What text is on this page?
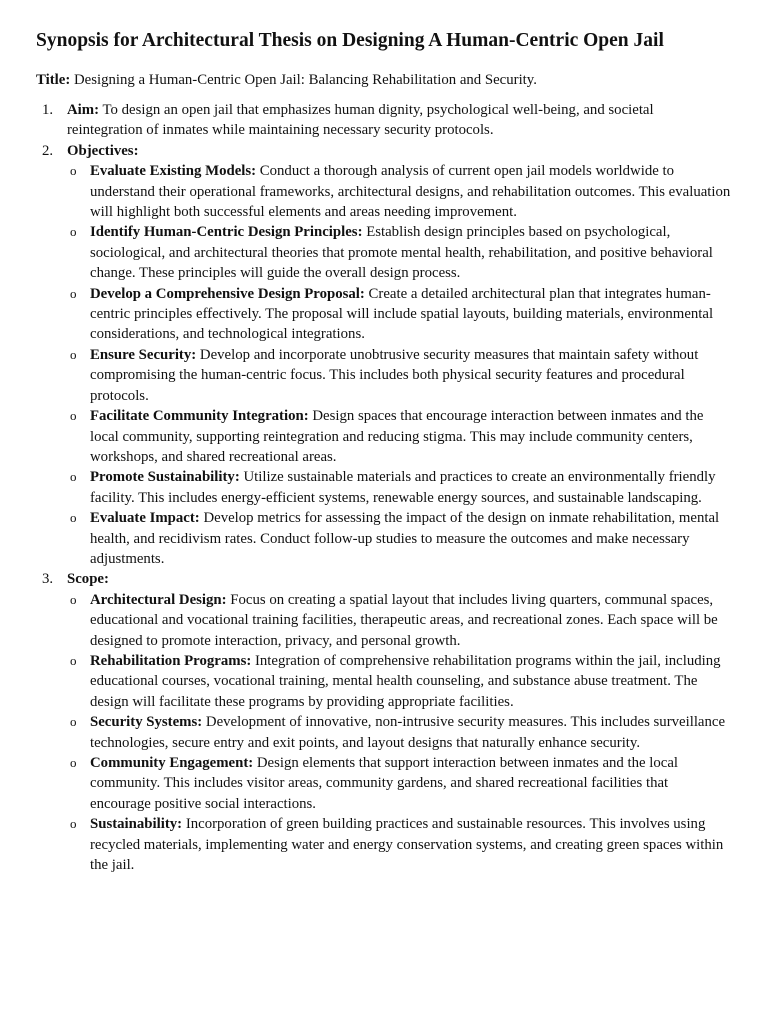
Synopsis for Architectural Thesis on Designing A Human-Centric Open Jail

Title: Designing a Human-Centric Open Jail: Balancing Rehabilitation and Security.

1. Aim: To design an open jail that emphasizes human dignity, psychological well-being, and societal reintegration of inmates while maintaining necessary security protocols.
2. Objectives:
o Evaluate Existing Models: Conduct a thorough analysis of current open jail models worldwide to understand their operational frameworks, architectural designs, and rehabilitation outcomes. This evaluation will highlight both successful elements and areas needing improvement.
o Identify Human-Centric Design Principles: Establish design principles based on psychological, sociological, and architectural theories that promote mental health, rehabilitation, and positive behavioral change. These principles will guide the overall design process.
o Develop a Comprehensive Design Proposal: Create a detailed architectural plan that integrates human-centric principles effectively. The proposal will include spatial layouts, building materials, environmental considerations, and technological integrations.
o Ensure Security: Develop and incorporate unobtrusive security measures that maintain safety without compromising the human-centric focus. This includes both physical security features and procedural protocols.
o Facilitate Community Integration: Design spaces that encourage interaction between inmates and the local community, supporting reintegration and reducing stigma. This may include community centers, workshops, and shared recreational areas.
o Promote Sustainability: Utilize sustainable materials and practices to create an environmentally friendly facility. This includes energy-efficient systems, renewable energy sources, and sustainable landscaping.
o Evaluate Impact: Develop metrics for assessing the impact of the design on inmate rehabilitation, mental health, and recidivism rates. Conduct follow-up studies to measure the outcomes and make necessary adjustments.
3. Scope:
o Architectural Design: Focus on creating a spatial layout that includes living quarters, communal spaces, educational and vocational training facilities, therapeutic areas, and recreational zones. Each space will be designed to promote interaction, privacy, and personal growth.
o Rehabilitation Programs: Integration of comprehensive rehabilitation programs within the jail, including educational courses, vocational training, mental health counseling, and substance abuse treatment. The design will facilitate these programs by providing appropriate facilities.
o Security Systems: Development of innovative, non-intrusive security measures. This includes surveillance technologies, secure entry and exit points, and layout designs that naturally enhance security.
o Community Engagement: Design elements that support interaction between inmates and the local community. This includes visitor areas, community gardens, and shared recreational facilities that encourage positive social interactions.
o Sustainability: Incorporation of green building practices and sustainable resources. This involves using recycled materials, implementing water and energy conservation systems, and creating green spaces within the jail.
